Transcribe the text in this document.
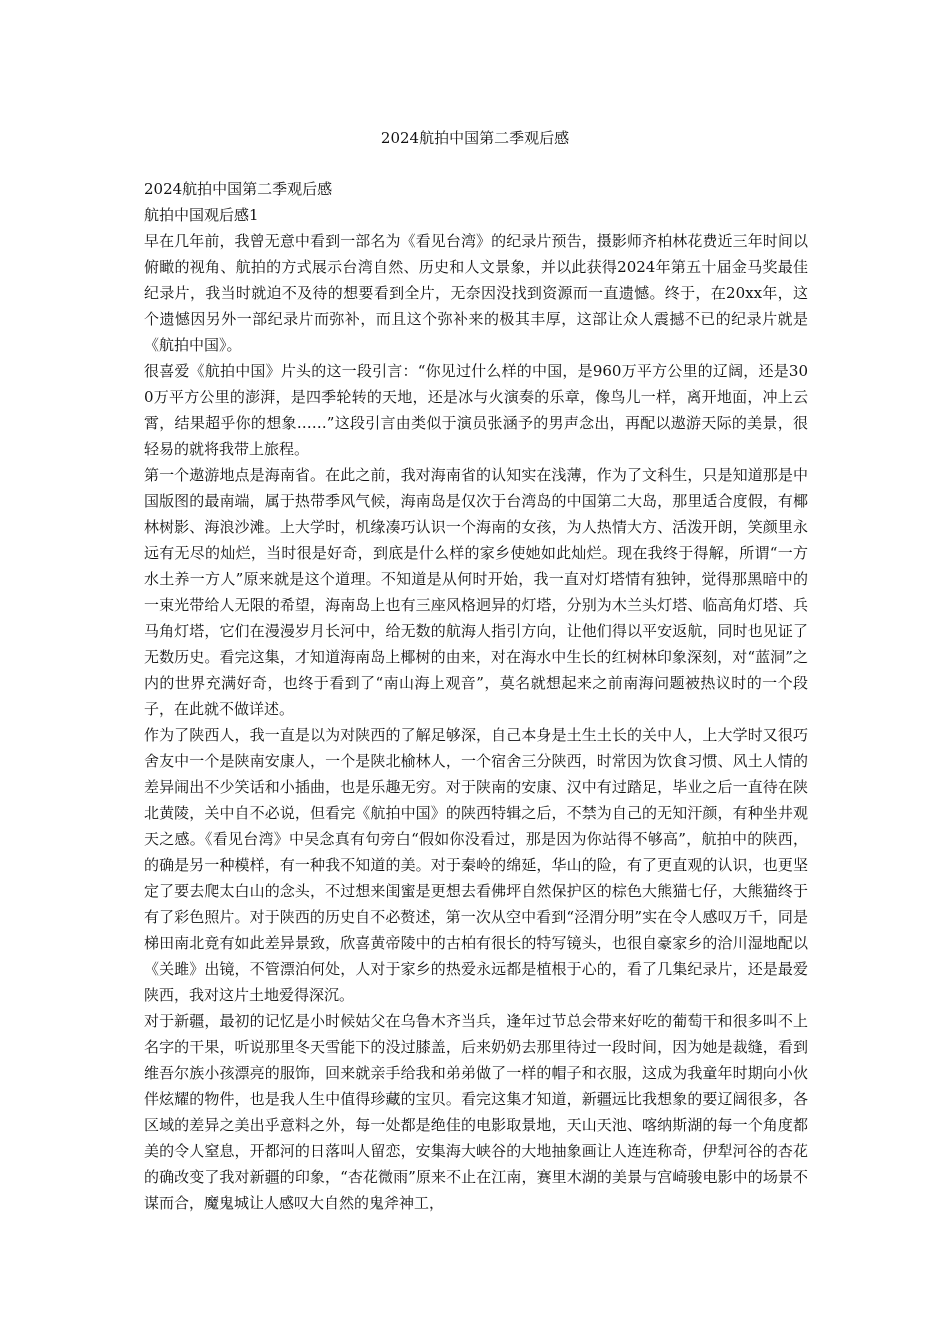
2024航拍中国第二季观后感

2024航拍中国第二季观后感

航拍中国观后感1

早在几年前，我曾无意中看到一部名为《看见台湾》的纪录片预告，摄影师齐柏林花费近三年时间以俯瞰的视角、航拍的方式展示台湾自然、历史和人文景象，并以此获得2024年第五十届金马奖最佳纪录片，我当时就迫不及待的想要看到全片，无奈因没找到资源而一直遗憾。终于，在20xx年，这个遗憾因另外一部纪录片而弥补，而且这个弥补来的极其丰厚，这部让众人震撼不已的纪录片就是《航拍中国》。

很喜爱《航拍中国》片头的这一段引言：“你见过什么样的中国，是960万平方公里的辽阔，还是300万平方公里的澎湃，是四季轮转的天地，还是冰与火演奏的乐章，像鸟儿一样，离开地面，冲上云霄，结果超乎你的想象……”这段引言由类似于演员张涵予的男声念出，再配以遨游天际的美景，很轻易的就将我带上旅程。

第一个遨游地点是海南省。在此之前，我对海南省的认知实在浅薄，作为了文科生，只是知道那是中国版图的最南端，属于热带季风气候，海南岛是仅次于台湾岛的中国第二大岛，那里适合度假，有椰林树影、海浪沙滩。上大学时，机缘凑巧认识一个海南的女孩，为人热情大方、活泼开朗，笑颜里永远有无尽的灿烂，当时很是好奇，到底是什么样的家乡使她如此灿烂。现在我终于得解，所谓“一方水土养一方人”原来就是这个道理。不知道是从何时开始，我一直对灯塔情有独钟，觉得那黑暗中的一束光带给人无限的希望，海南岛上也有三座风格迥异的灯塔，分别为木兰头灯塔、临高角灯塔、兵马角灯塔，它们在漫漫岁月长河中，给无数的航海人指引方向，让他们得以平安返航，同时也见证了无数历史。看完这集，才知道海南岛上椰树的由来，对在海水中生长的红树林印象深刻，对“蓝洞”之内的世界充满好奇，也终于看到了“南山海上观音”，莫名就想起来之前南海问题被热议时的一个段子，在此就不做详述。

作为了陕西人，我一直是以为对陕西的了解足够深，自己本身是土生土长的关中人，上大学时又很巧舍友中一个是陕南安康人，一个是陕北榆林人，一个宿舍三分陕西，时常因为饮食习惯、风土人情的差异闹出不少笑话和小插曲，也是乐趣无穷。对于陕南的安康、汉中有过踏足，毕业之后一直待在陕北黄陵，关中自不必说，但看完《航拍中国》的陕西特辑之后，不禁为自己的无知汗颜，有种坐井观天之感。《看见台湾》中吴念真有句旁白“假如你没看过，那是因为你站得不够高”，航拍中的陕西，的确是另一种模样，有一种我不知道的美。对于秦岭的绵延，华山的险，有了更直观的认识，也更坚定了要去爬太白山的念头，不过想来闺蜜是更想去看佛坪自然保护区的棕色大熊猫七仔，大熊猫终于有了彩色照片。对于陕西的历史自不必赘述，第一次从空中看到“泾渭分明”实在令人感叹万千，同是梯田南北竟有如此差异景致，欣喜黄帝陵中的古柏有很长的特写镜头，也很自豪家乡的洽川湿地配以《关雎》出镜，不管漂泊何处，人对于家乡的热爱永远都是植根于心的，看了几集纪录片，还是最爱陕西，我对这片土地爱得深沉。

对于新疆，最初的记忆是小时候姑父在乌鲁木齐当兵，逢年过节总会带来好吃的葡萄干和很多叫不上名字的干果，听说那里冬天雪能下的没过膝盖，后来奶奶去那里待过一段时间，因为她是裁缝，看到维吾尔族小孩漂亮的服饰，回来就亲手给我和弟弟做了一样的帽子和衣服，这成为我童年时期向小伙伴炫耀的物件，也是我人生中值得珍藏的宝贝。看完这集才知道，新疆远比我想象的要辽阔很多，各区域的差异之美出乎意料之外，每一处都是绝佳的电影取景地，天山天池、喀纳斯湖的每一个角度都美的令人窒息，开都河的日落叫人留恋，安集海大峡谷的大地抽象画让人连连称奇，伊犁河谷的杏花的确改变了我对新疆的印象，“杏花微雨”原来不止在江南，赛里木湖的美景与宫崎骏电影中的场景不谋而合，魔鬼城让人感叹大自然的鬼斧神工，
